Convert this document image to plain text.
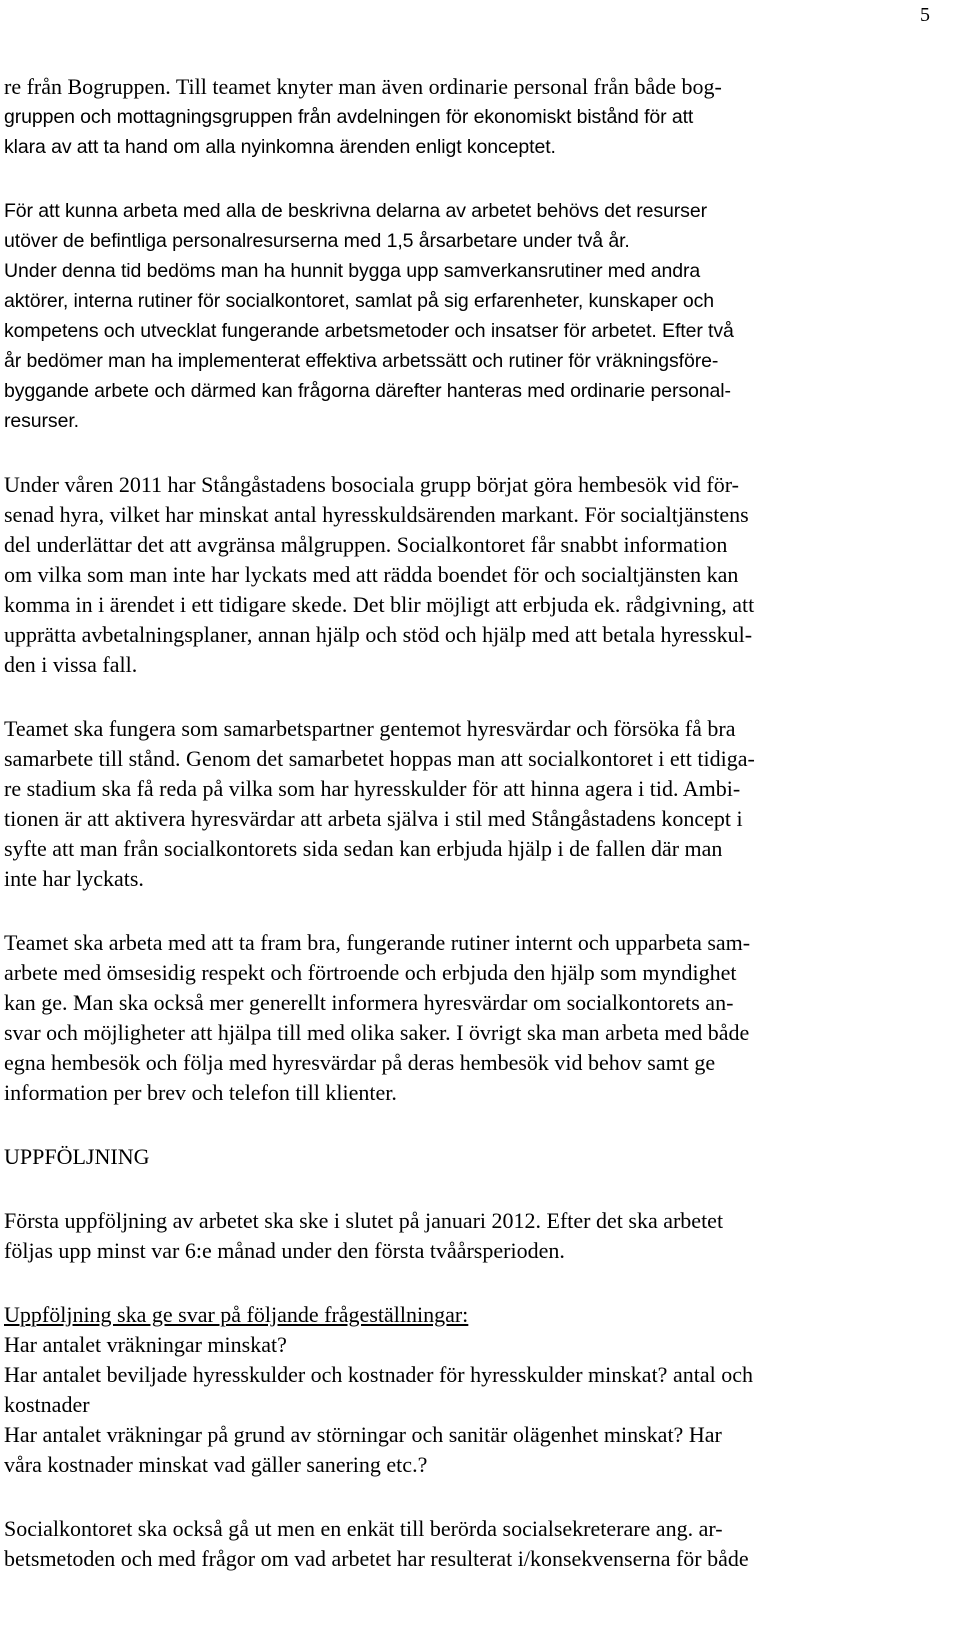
5
re från Bogruppen. Till teamet knyter man även ordinarie personal från både bog-
gruppen och mottagningsgruppen från avdelningen för ekonomiskt bistånd för att
klara av att ta hand om alla nyinkomna ärenden enligt konceptet.
För att kunna arbeta med alla de beskrivna delarna av arbetet behövs det resurser
utöver de befintliga personalresurserna med 1,5 årsarbetare under två år.
Under denna tid bedöms man ha hunnit bygga upp samverkansrutiner med andra
aktörer, interna rutiner för socialkontoret, samlat på sig erfarenheter, kunskaper och
kompetens och utvecklat fungerande arbetsmetoder och insatser för arbetet. Efter två
år bedömer man ha implementerat effektiva arbetssätt och rutiner för vräkningsföre-
byggande arbete och därmed kan frågorna därefter hanteras med ordinarie personal-
resurser.
Under våren 2011 har Stångåstadens bosociala grupp börjat göra hembesök vid för-
senad hyra, vilket har minskat antal hyresskuldsärenden markant. För socialtjänstens
del underlättar det att avgränsa målgruppen. Socialkontoret får snabbt information
om vilka som man inte har lyckats med att rädda boendet för och socialtjänsten kan
komma in i ärendet i ett tidigare skede. Det blir möjligt att erbjuda ek. rådgivning, att
upprätta avbetalningsplaner, annan hjälp och stöd och hjälp med att betala hyresskul-
den i vissa fall.
Teamet ska fungera som samarbetspartner gentemot hyresvärdar och försöka få bra
samarbete till stånd. Genom det samarbetet hoppas man att socialkontoret i ett tidiga-
re stadium ska få reda på vilka som har hyresskulder för att hinna agera i tid. Ambi-
tionen är att aktivera hyresvärdar att arbeta själva i stil med Stångåstadens koncept i
syfte att man från socialkontorets sida sedan kan erbjuda hjälp i de fallen där man
inte har lyckats.
Teamet ska arbeta med att ta fram bra, fungerande rutiner internt och upparbeta sam-
arbete med ömsesidig respekt och förtroende och erbjuda den hjälp som myndighet
kan ge. Man ska också mer generellt informera hyresvärdar om socialkontorets an-
svar och möjligheter att hjälpa till med olika saker. I övrigt ska man arbeta med både
egna hembesök och följa med hyresvärdar på deras hembesök vid behov samt ge
information per brev och telefon till klienter.
UPPFÖLJNING
Första uppföljning av arbetet ska ske i slutet på januari 2012. Efter det ska arbetet
följas upp minst var 6:e månad under den första tvåårsperioden.
Uppföljning ska ge svar på följande frågeställningar:
Har antalet vräkningar minskat?
Har antalet beviljade hyresskulder och kostnader för hyresskulder minskat? antal och
kostnader
Har antalet vräkningar på grund av störningar och sanitär olägenhet minskat? Har
våra kostnader minskat vad gäller sanering etc.?
Socialkontoret ska också gå ut men en enkät till berörda socialsekreterare ang. ar-
betsmetoden och med frågor om vad arbetet har resulterat i/konsekvenserna för både
